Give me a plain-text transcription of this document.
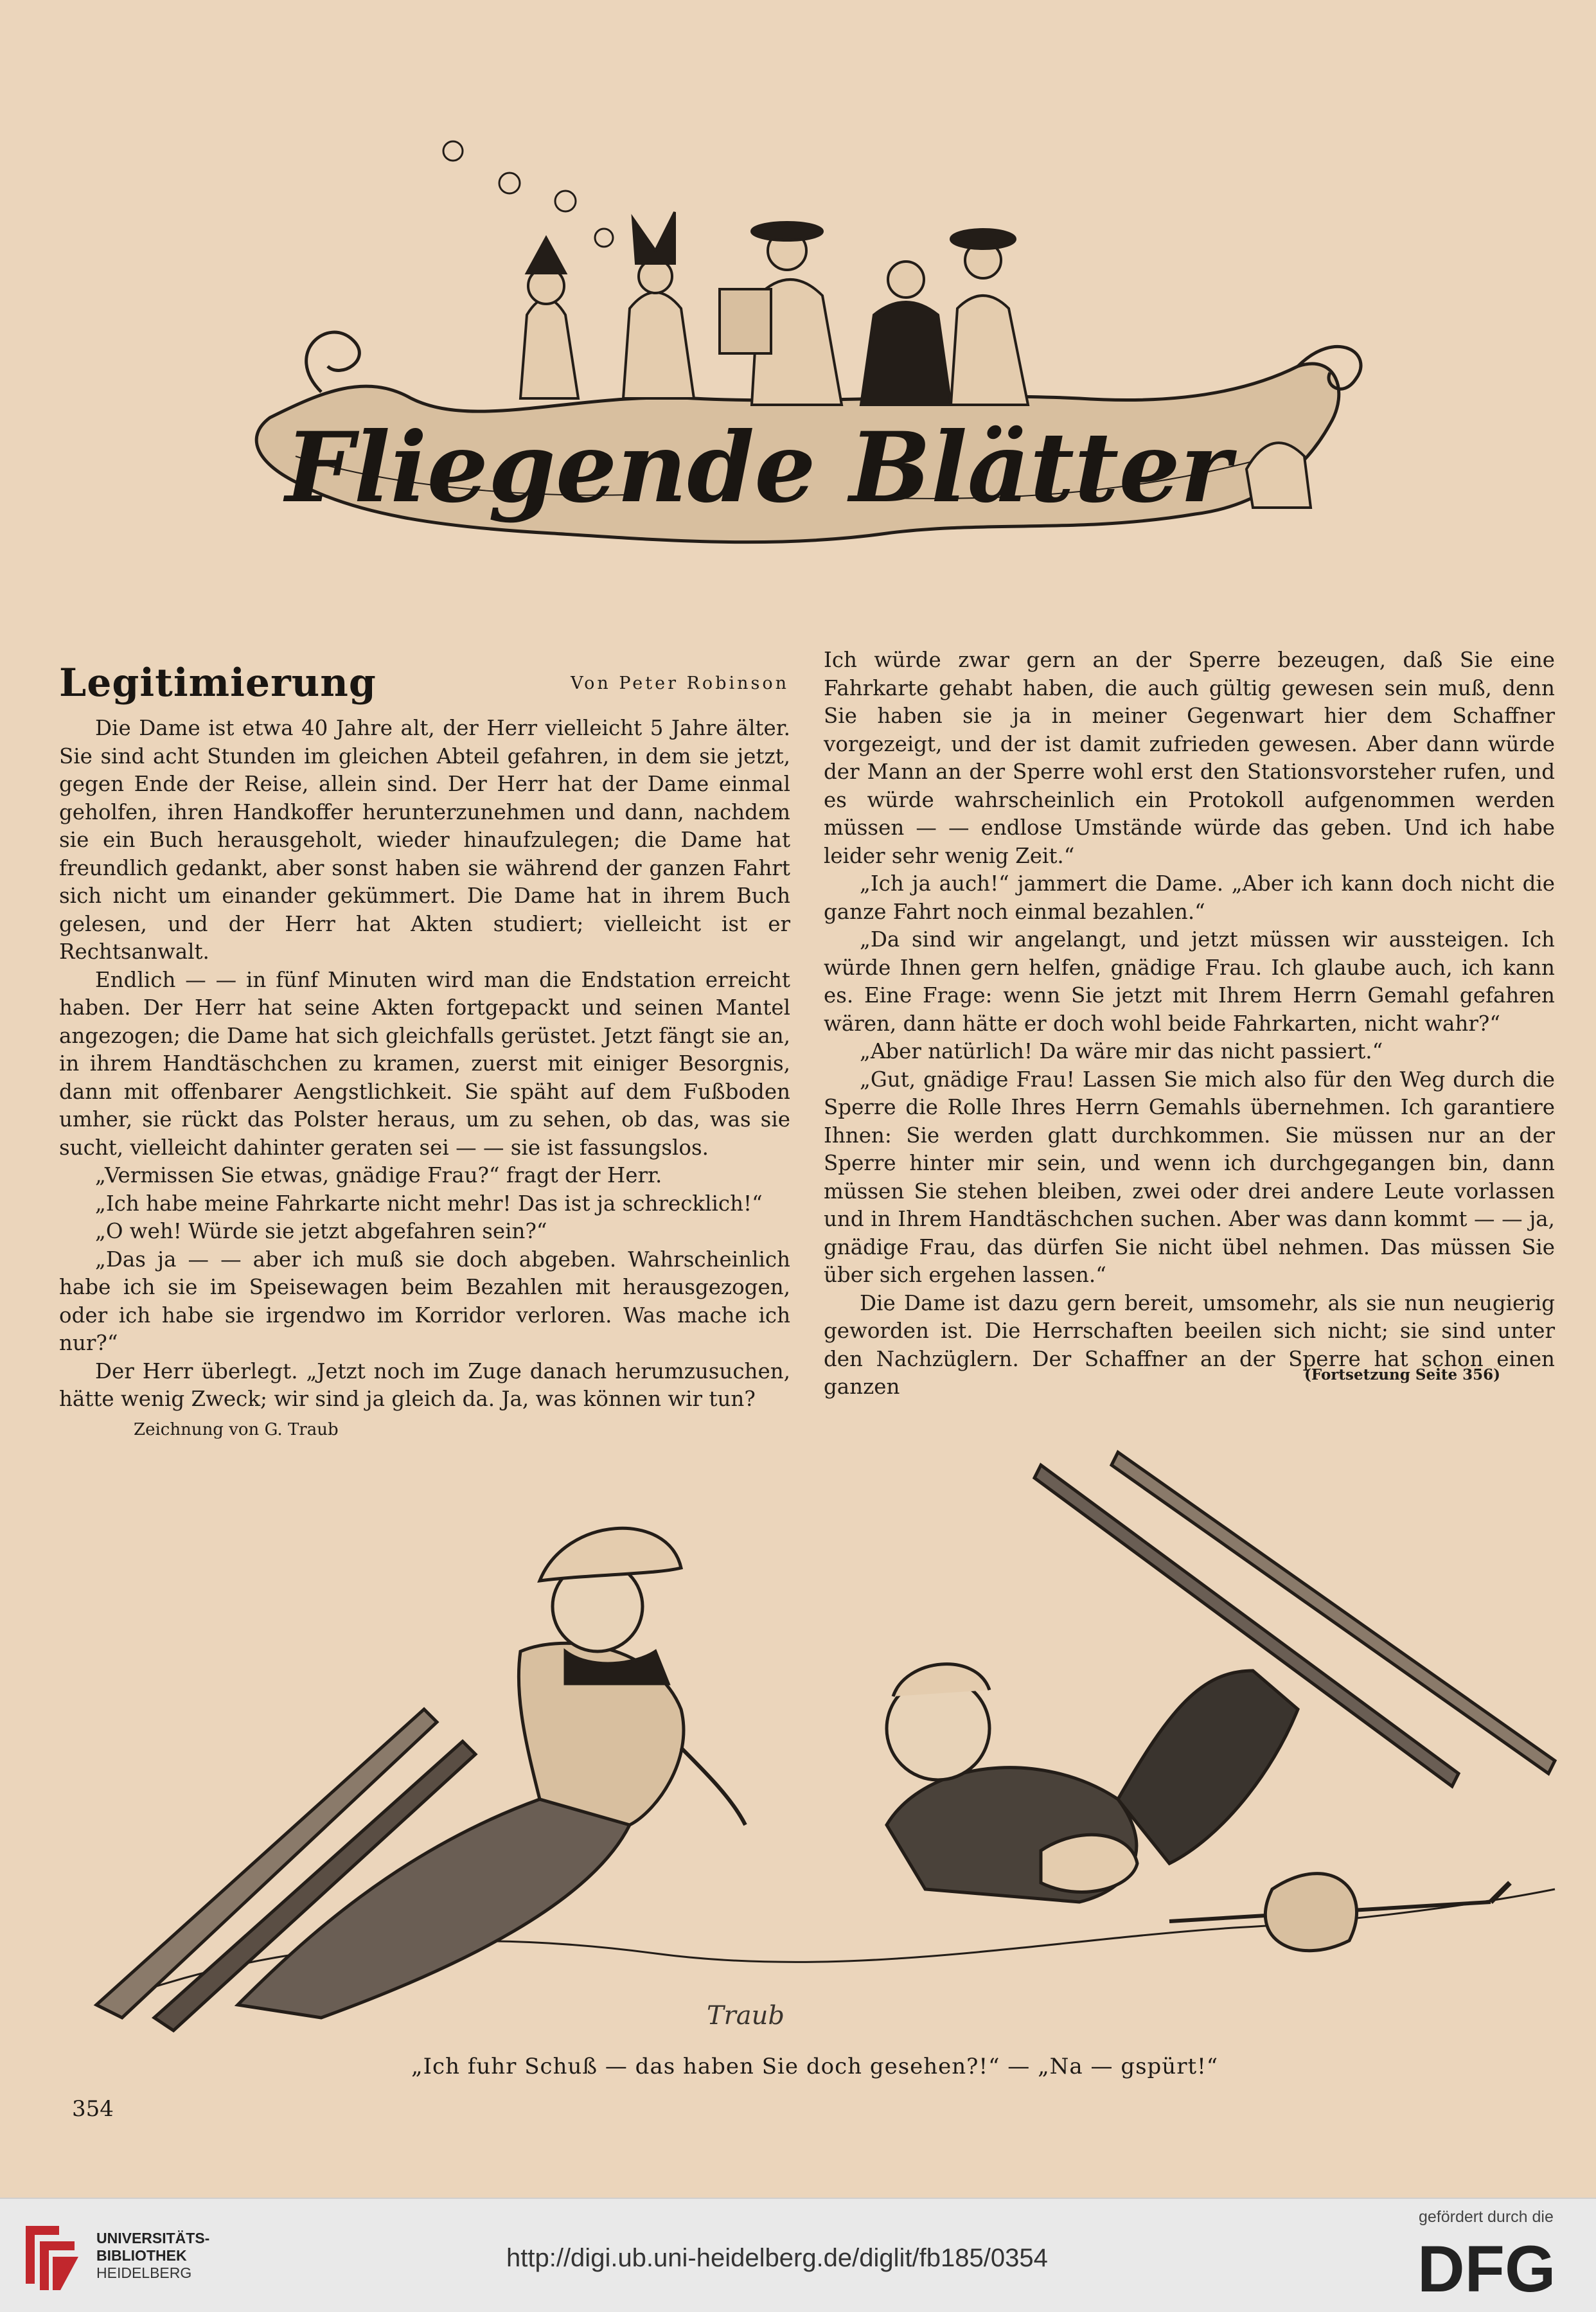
Fliegende Blätter
Legitimierung	Von Peter Robinson

Die Dame ist etwa 40 Jahre alt, der Herr vielleicht 5 Jahre älter. Sie sind acht Stunden im gleichen Abteil gefahren, in dem sie jetzt, gegen Ende der Reise, allein sind. Der Herr hat der Dame einmal geholfen, ihren Handkoffer herunterzunehmen und dann, nachdem sie ein Buch herausgeholt, wieder hinaufzulegen; die Dame hat freundlich gedankt, aber sonst haben sie während der ganzen Fahrt sich nicht um einander gekümmert. Die Dame hat in ihrem Buch gelesen, und der Herr hat Akten studiert; vielleicht ist er Rechtsanwalt.

Endlich — — in fünf Minuten wird man die Endstation erreicht haben. Der Herr hat seine Akten fortgepackt und seinen Mantel angezogen; die Dame hat sich gleichfalls gerüstet. Jetzt fängt sie an, in ihrem Handtäschchen zu kramen, zuerst mit einiger Besorgnis, dann mit offenbarer Aengstlichkeit. Sie späht auf dem Fußboden umher, sie rückt das Polster heraus, um zu sehen, ob das, was sie sucht, vielleicht dahinter geraten sei — — sie ist fassungslos.

„Vermissen Sie etwas, gnädige Frau?“ fragt der Herr.

„Ich habe meine Fahrkarte nicht mehr! Das ist ja schrecklich!“

„O weh! Würde sie jetzt abgefahren sein?“

„Das ja — — aber ich muß sie doch abgeben. Wahrscheinlich habe ich sie im Speisewagen beim Bezahlen mit herausgezogen, oder ich habe sie irgendwo im Korridor verloren. Was mache ich nur?“

Der Herr überlegt. „Jetzt noch im Zuge danach herumzusuchen, hätte wenig Zweck; wir sind ja gleich da. Ja, was können wir tun?

Ich würde zwar gern an der Sperre bezeugen, daß Sie eine Fahrkarte gehabt haben, die auch gültig gewesen sein muß, denn Sie haben sie ja in meiner Gegenwart hier dem Schaffner vorgezeigt, und der ist damit zufrieden gewesen. Aber dann würde der Mann an der Sperre wohl erst den Stationsvorsteher rufen, und es würde wahrscheinlich ein Protokoll aufgenommen werden müssen — — endlose Umstände würde das geben. Und ich habe leider sehr wenig Zeit.“

„Ich ja auch!“ jammert die Dame. „Aber ich kann doch nicht die ganze Fahrt noch einmal bezahlen.“

„Da sind wir angelangt, und jetzt müssen wir aussteigen. Ich würde Ihnen gern helfen, gnädige Frau. Ich glaube auch, ich kann es. Eine Frage: wenn Sie jetzt mit Ihrem Herrn Gemahl gefahren wären, dann hätte er doch wohl beide Fahrkarten, nicht wahr?“

„Aber natürlich! Da wäre mir das nicht passiert.“

„Gut, gnädige Frau! Lassen Sie mich also für den Weg durch die Sperre die Rolle Ihres Herrn Gemahls übernehmen. Ich garantiere Ihnen: Sie werden glatt durchkommen. Sie müssen nur an der Sperre hinter mir sein, und wenn ich durchgegangen bin, dann müssen Sie stehen bleiben, zwei oder drei andere Leute vorlassen und in Ihrem Handtäschchen suchen. Aber was dann kommt — — ja, gnädige Frau, das dürfen Sie nicht übel nehmen. Das müssen Sie über sich ergehen lassen.“

Die Dame ist dazu gern bereit, umsomehr, als sie nun neugierig geworden ist. Die Herrschaften beeilen sich nicht; sie sind unter den Nachzüglern. Der Schaffner an der Sperre hat schon einen ganzen	(Fortsetzung Seite 356)
Zeichnung von G. Traub
Traub
„Ich fuhr Schuß — das haben Sie doch gesehen?!“ — „Na — gspürt!“
354
UNIVERSITÄTS-
BIBLIOTHEK
HEIDELBERG
http://digi.ub.uni-heidelberg.de/diglit/fb185/0354
gefördert durch die
DFG
